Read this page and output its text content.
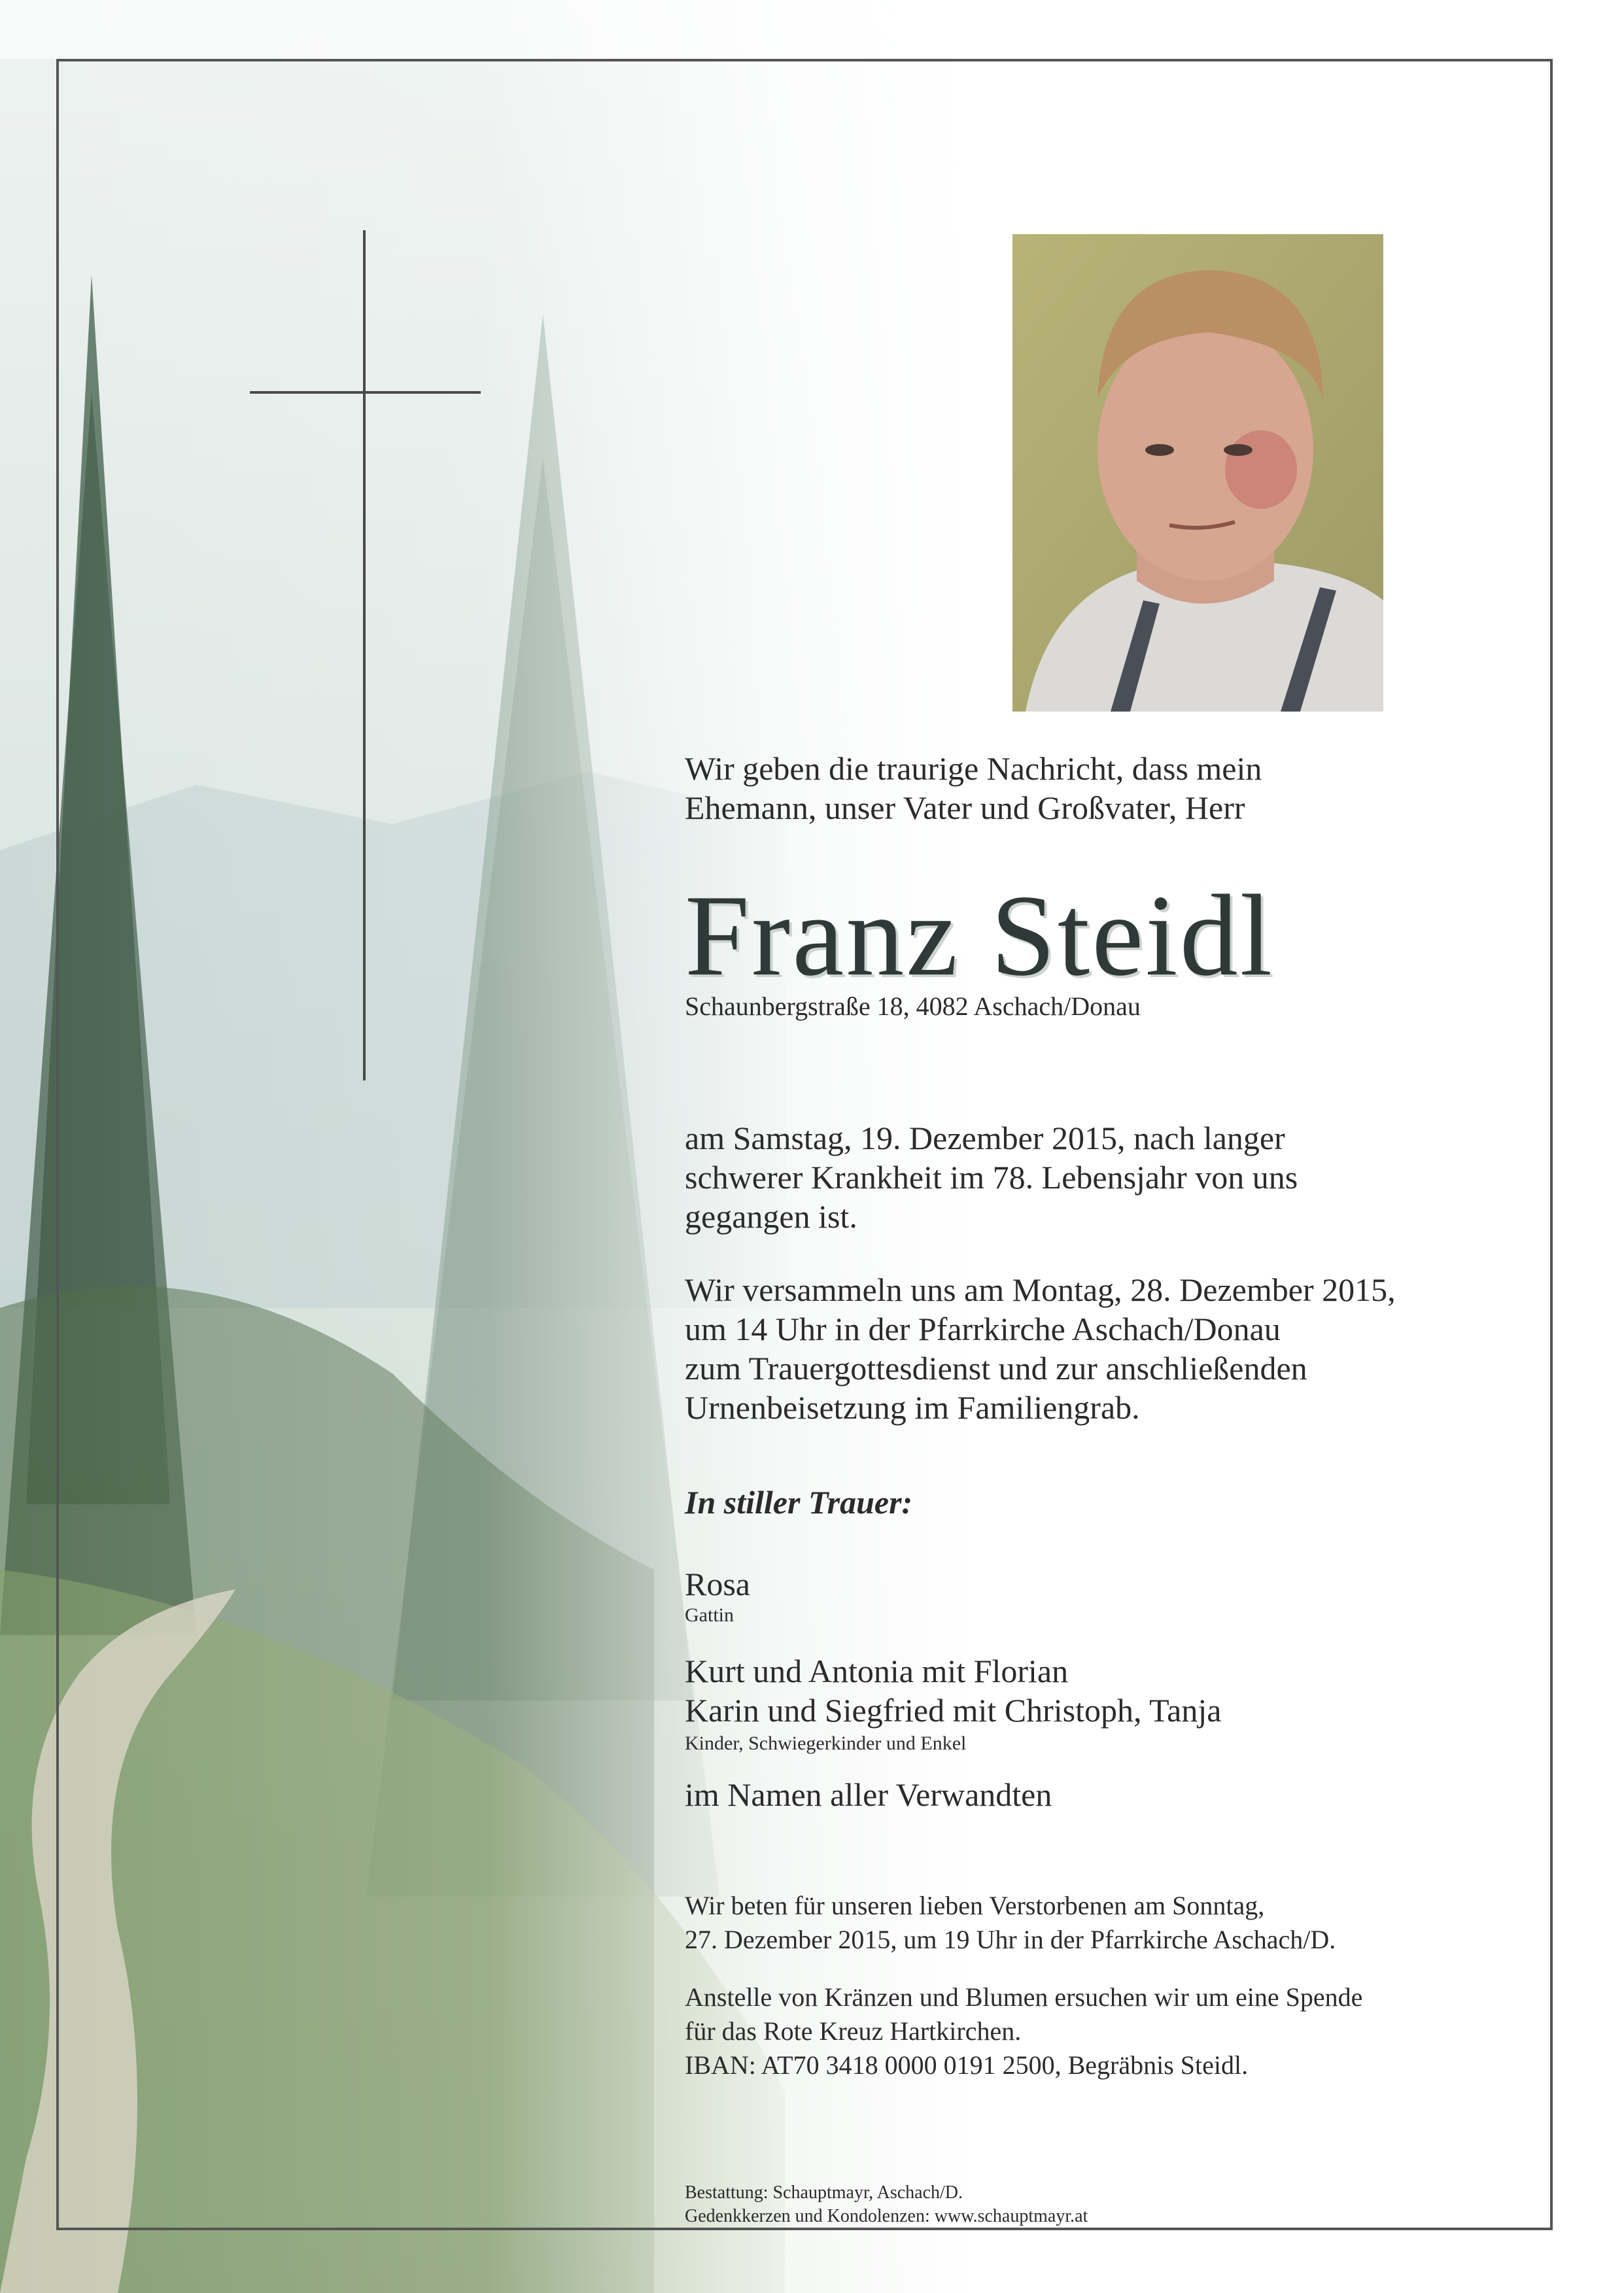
Wir geben die traurige Nachricht, dass mein
Ehemann, unser Vater und Großvater, Herr
Franz Steidl
Schaunbergstraße 18, 4082 Aschach/Donau
am Samstag, 19. Dezember 2015, nach langer
schwerer Krankheit im 78. Lebensjahr von uns
gegangen ist.
Wir versammeln uns am Montag, 28. Dezember 2015,
um 14 Uhr in der Pfarrkirche Aschach/Donau
zum Trauergottesdienst und zur anschließenden
Urnenbeisetzung im Familiengrab.
In stiller Trauer:
Rosa
Gattin
Kurt und Antonia mit Florian
Karin und Siegfried mit Christoph, Tanja
Kinder, Schwiegerkinder und Enkel
im Namen aller Verwandten
Wir beten für unseren lieben Verstorbenen am Sonntag,
27. Dezember 2015, um 19 Uhr in der Pfarrkirche Aschach/D.
Anstelle von Kränzen und Blumen ersuchen wir um eine Spende
für das Rote Kreuz Hartkirchen.
IBAN: AT70 3418 0000 0191 2500, Begräbnis Steidl.
Bestattung: Schauptmayr, Aschach/D.
Gedenkkerzen und Kondolenzen: www.schauptmayr.at
